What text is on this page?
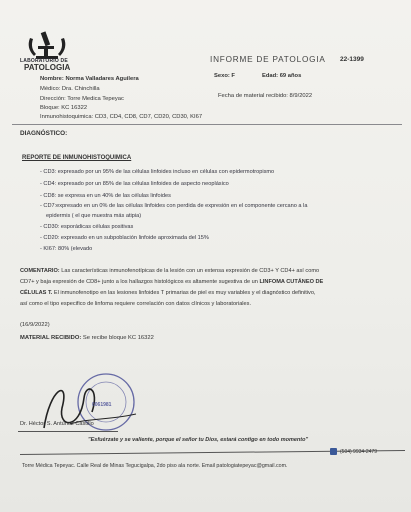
LABORATORIO DE
PATOLOGIA
INFORME DE PATOLOGIA 22-1399
Nombre: Norma Valladares Aguilera	Sexo: F	Edad: 69 años
Médico: Dra. Chinchilla
Dirección: Torre Medica Tepeyac	Fecha de material recibido: 8/9/2022
Bloque: KC 16322
Inmunohistoquimica: CD3, CD4, CD8, CD7, CD20, CD30, KI67
DIAGNÓSTICO:
REPORTE DE INMUNOHISTOQUIMICA
- CD3: expresado por un 95% de las células linfoides incluso en células con epidermotropismo
- CD4: expresado por un 85% de las células linfoides de aspecto neoplásico
- CD8: se expresa en un 40% de las células linfoides
- CD7:expresado en un 0% de las células linfoides con perdida de expresión en el componente cercano a la
epidermis ( el que muestra más atipia)
- CD30: esporádicas células positivas
- CD20: expresado en un subpoblación linfoide aproximada del 15%
- KI67: 80% (elevado
COMENTARIO: Las características inmunofenotípicas de la lesión con un extensa expresión de CD3+ Y CD4+ así como
CD7+ y baja expresión de CD8+ junto a los hallazgos histológicos es altamente sugestiva de un LINFOMA CUTÁNEO DE
CÉLULAS T. El inmunofenotipo en las lesiones linfoides T primarias de piel es muy variables y el diagnóstico definitivo,
así como el tipo especifico de linfoma requiere correlación con datos clínicos y laboratoriales.
(16/9/2022)
MATERIAL RECIBIDO: Se recibe bloque KC 16322
0061981
Dr. Héctor S. Antúnez Castillo
"Esfuérzate y se valiente, porque el señor tu Dios, estará contigo en todo momento"
Torre Médica Tepeyac. Calle Real de Minas Tegucigalpa, 2do piso ala norte. Email patologiatepeyac@gmail.com.
(504) 9934-2479
